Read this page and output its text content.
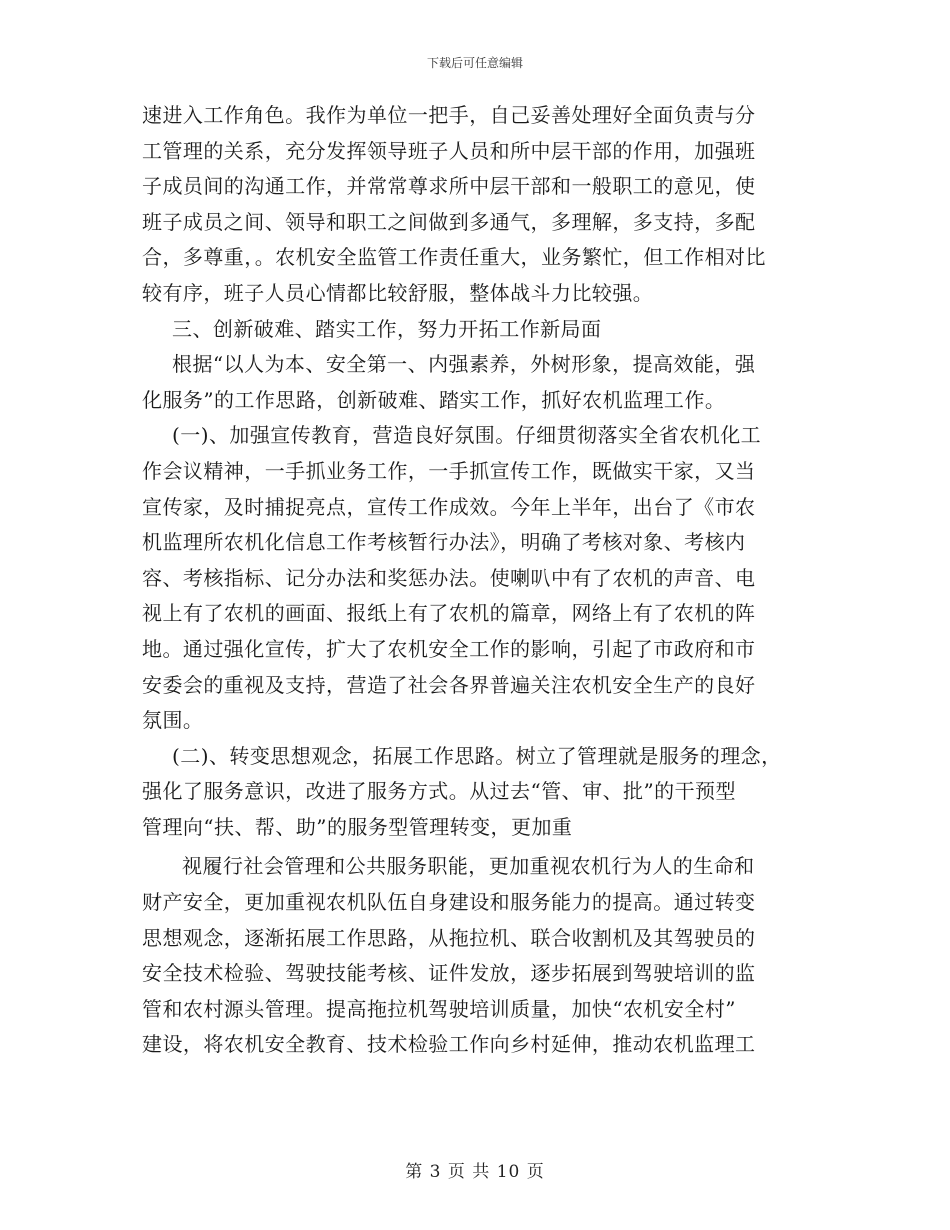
下载后可任意编辑
速进入工作角色。我作为单位一把手，自己妥善处理好全面负责与分
工管理的关系，充分发挥领导班子人员和所中层干部的作用，加强班
子成员间的沟通工作，并常常尊求所中层干部和一般职工的意见，使
班子成员之间、领导和职工之间做到多通气，多理解，多支持，多配
合，多尊重，。农机安全监管工作责任重大，业务繁忙，但工作相对比
较有序，班子人员心情都比较舒服，整体战斗力比较强。
三、创新破难、踏实工作，努力开拓工作新局面
根据“以人为本、安全第一、内强素养，外树形象，提高效能，强
化服务”的工作思路，创新破难、踏实工作，抓好农机监理工作。
(一)、加强宣传教育，营造良好氛围。仔细贯彻落实全省农机化工
作会议精神，一手抓业务工作，一手抓宣传工作，既做实干家，又当
宣传家，及时捕捉亮点，宣传工作成效。今年上半年，出台了《市农
机监理所农机化信息工作考核暂行办法》，明确了考核对象、考核内
容、考核指标、记分办法和奖惩办法。使喇叭中有了农机的声音、电
视上有了农机的画面、报纸上有了农机的篇章，网络上有了农机的阵
地。通过强化宣传，扩大了农机安全工作的影响，引起了市政府和市
安委会的重视及支持，营造了社会各界普遍关注农机安全生产的良好
氛围。
(二)、转变思想观念，拓展工作思路。树立了管理就是服务的理念，
强化了服务意识，改进了服务方式。从过去“管、审、批”的干预型
管理向“扶、帮、助”的服务型管理转变，更加重
视履行社会管理和公共服务职能，更加重视农机行为人的生命和
财产安全，更加重视农机队伍自身建设和服务能力的提高。通过转变
思想观念，逐渐拓展工作思路，从拖拉机、联合收割机及其驾驶员的
安全技术检验、驾驶技能考核、证件发放，逐步拓展到驾驶培训的监
管和农村源头管理。提高拖拉机驾驶培训质量，加快“农机安全村”
建设，将农机安全教育、技术检验工作向乡村延伸，推动农机监理工
第 3 页 共 10 页
